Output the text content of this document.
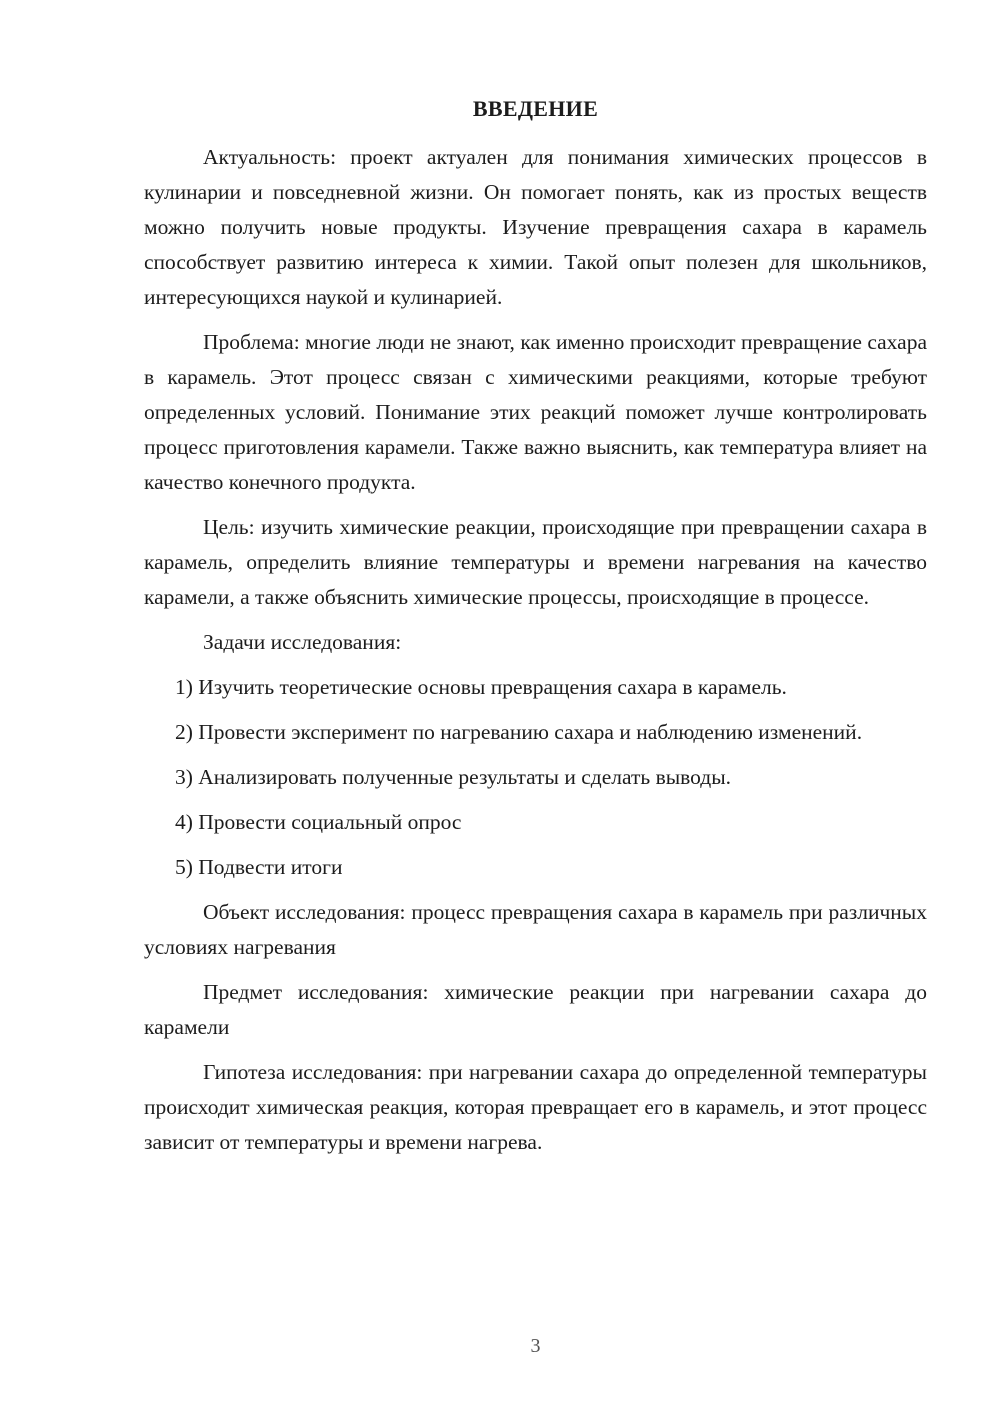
ВВЕДЕНИЕ

Актуальность: проект актуален для понимания химических процессов в кулинарии и повседневной жизни. Он помогает понять, как из простых веществ можно получить новые продукты. Изучение превращения сахара в карамель способствует развитию интереса к химии. Такой опыт полезен для школьников, интересующихся наукой и кулинарией.

Проблема: многие люди не знают, как именно происходит превращение сахара в карамель. Этот процесс связан с химическими реакциями, которые требуют определенных условий. Понимание этих реакций поможет лучше контролировать процесс приготовления карамели. Также важно выяснить, как температура влияет на качество конечного продукта.

Цель: изучить химические реакции, происходящие при превращении сахара в карамель, определить влияние температуры и времени нагревания на качество карамели, а также объяснить химические процессы, происходящие в процессе.

Задачи исследования:

1) Изучить теоретические основы превращения сахара в карамель.

2) Провести эксперимент по нагреванию сахара и наблюдению изменений.

3) Анализировать полученные результаты и сделать выводы.

4) Провести социальный опрос

5) Подвести итоги

Объект исследования: процесс превращения сахара в карамель при различных условиях нагревания

Предмет исследования: химические реакции при нагревании сахара до карамели

Гипотеза исследования: при нагревании сахара до определенной температуры происходит химическая реакция, которая превращает его в карамель, и этот процесс зависит от температуры и времени нагрева.

3
